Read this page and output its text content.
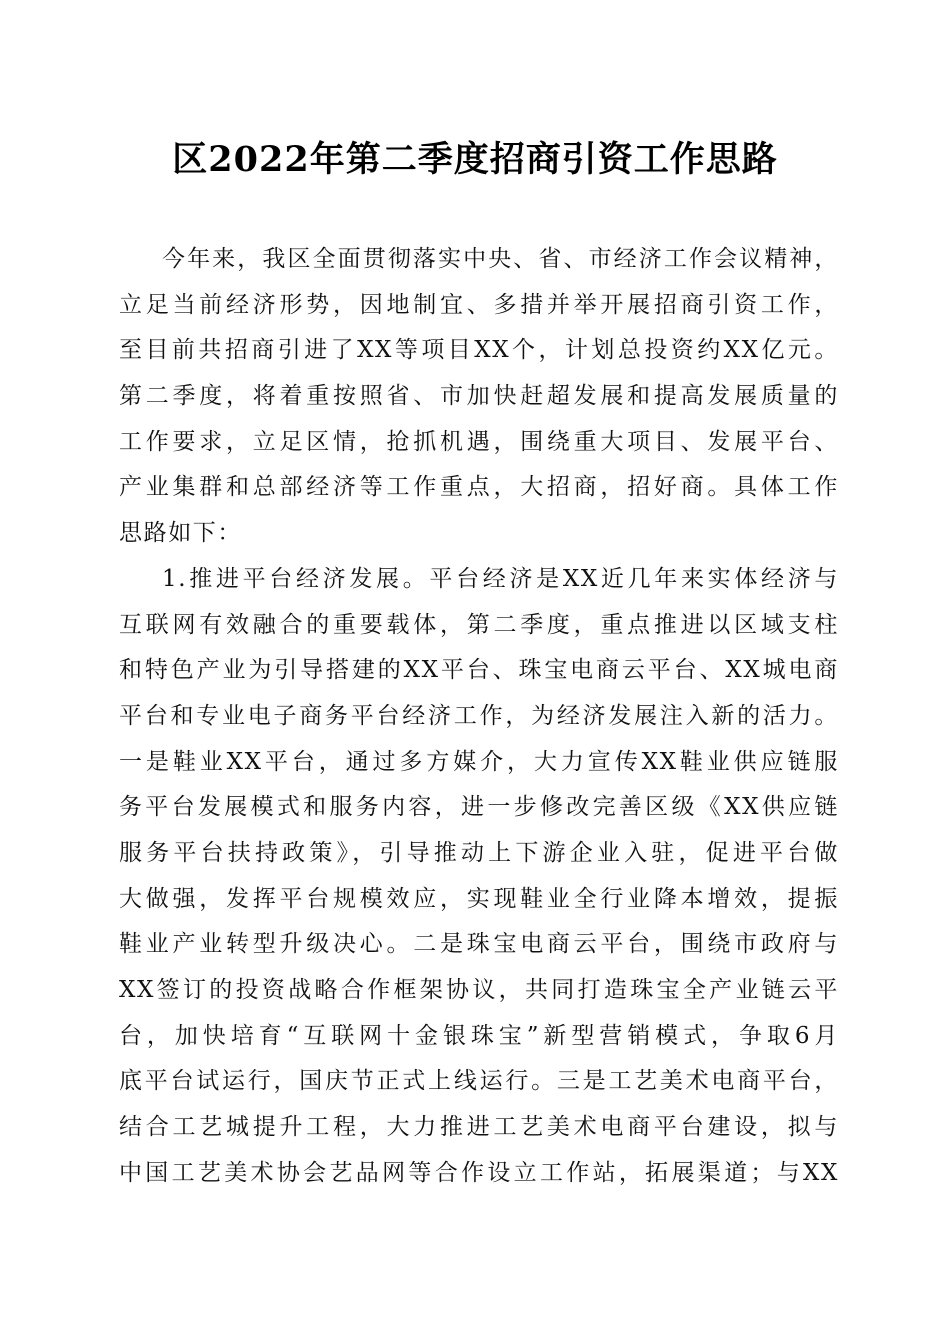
区2022年第二季度招商引资工作思路
今年来，我区全面贯彻落实中央、省、市经济工作会议精神，
立足当前经济形势，因地制宜、多措并举开展招商引资工作，
至目前共招商引进了XX等项目XX个，计划总投资约XX亿元。
第二季度，将着重按照省、市加快赶超发展和提高发展质量的
工作要求，立足区情，抢抓机遇，围绕重大项目、发展平台、
产业集群和总部经济等工作重点，大招商，招好商。具体工作
思路如下：
1.推进平台经济发展。平台经济是XX近几年来实体经济与
互联网有效融合的重要载体，第二季度，重点推进以区域支柱
和特色产业为引导搭建的XX平台、珠宝电商云平台、XX城电商
平台和专业电子商务平台经济工作，为经济发展注入新的活力。
一是鞋业XX平台，通过多方媒介，大力宣传XX鞋业供应链服
务平台发展模式和服务内容，进一步修改完善区级《XX供应链
服务平台扶持政策》，引导推动上下游企业入驻，促进平台做
大做强，发挥平台规模效应，实现鞋业全行业降本增效，提振
鞋业产业转型升级决心。二是珠宝电商云平台，围绕市政府与
XX签订的投资战略合作框架协议，共同打造珠宝全产业链云平
台，加快培育“互联网十金银珠宝”新型营销模式，争取6月
底平台试运行，国庆节正式上线运行。三是工艺美术电商平台，
结合工艺城提升工程，大力推进工艺美术电商平台建设，拟与
中国工艺美术协会艺品网等合作设立工作站，拓展渠道；与XX
